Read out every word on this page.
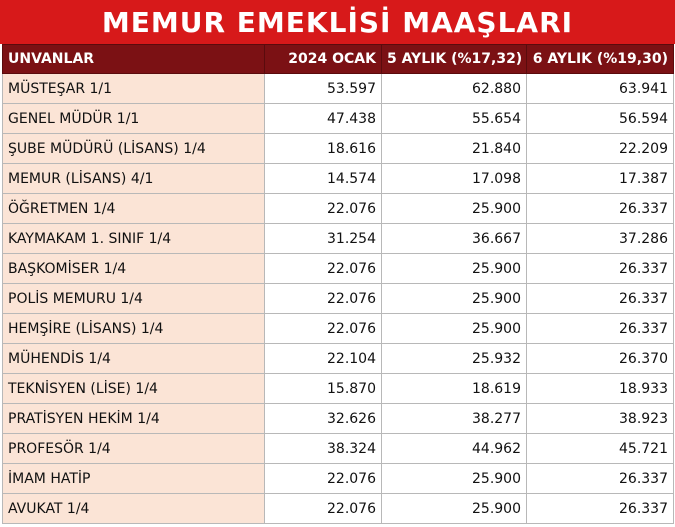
MEMUR EMEKLİSİ MAAŞLARI
UNVANLAR	2024 OCAK	5 AYLIK (%17,32)	6 AYLIK (%19,30)
MÜSTEŞAR 1/1	53.597	62.880	63.941
GENEL MÜDÜR 1/1	47.438	55.654	56.594
ŞUBE MÜDÜRÜ (LİSANS) 1/4	18.616	21.840	22.209
MEMUR (LİSANS) 4/1	14.574	17.098	17.387
ÖĞRETMEN 1/4	22.076	25.900	26.337
KAYMAKAM 1. SINIF 1/4	31.254	36.667	37.286
BAŞKOMİSER 1/4	22.076	25.900	26.337
POLİS MEMURU 1/4	22.076	25.900	26.337
HEMŞİRE (LİSANS) 1/4	22.076	25.900	26.337
MÜHENDİS 1/4	22.104	25.932	26.370
TEKNİSYEN (LİSE) 1/4	15.870	18.619	18.933
PRATİSYEN HEKİM 1/4	32.626	38.277	38.923
PROFESÖR 1/4	38.324	44.962	45.721
İMAM HATİP	22.076	25.900	26.337
AVUKAT 1/4	22.076	25.900	26.337
